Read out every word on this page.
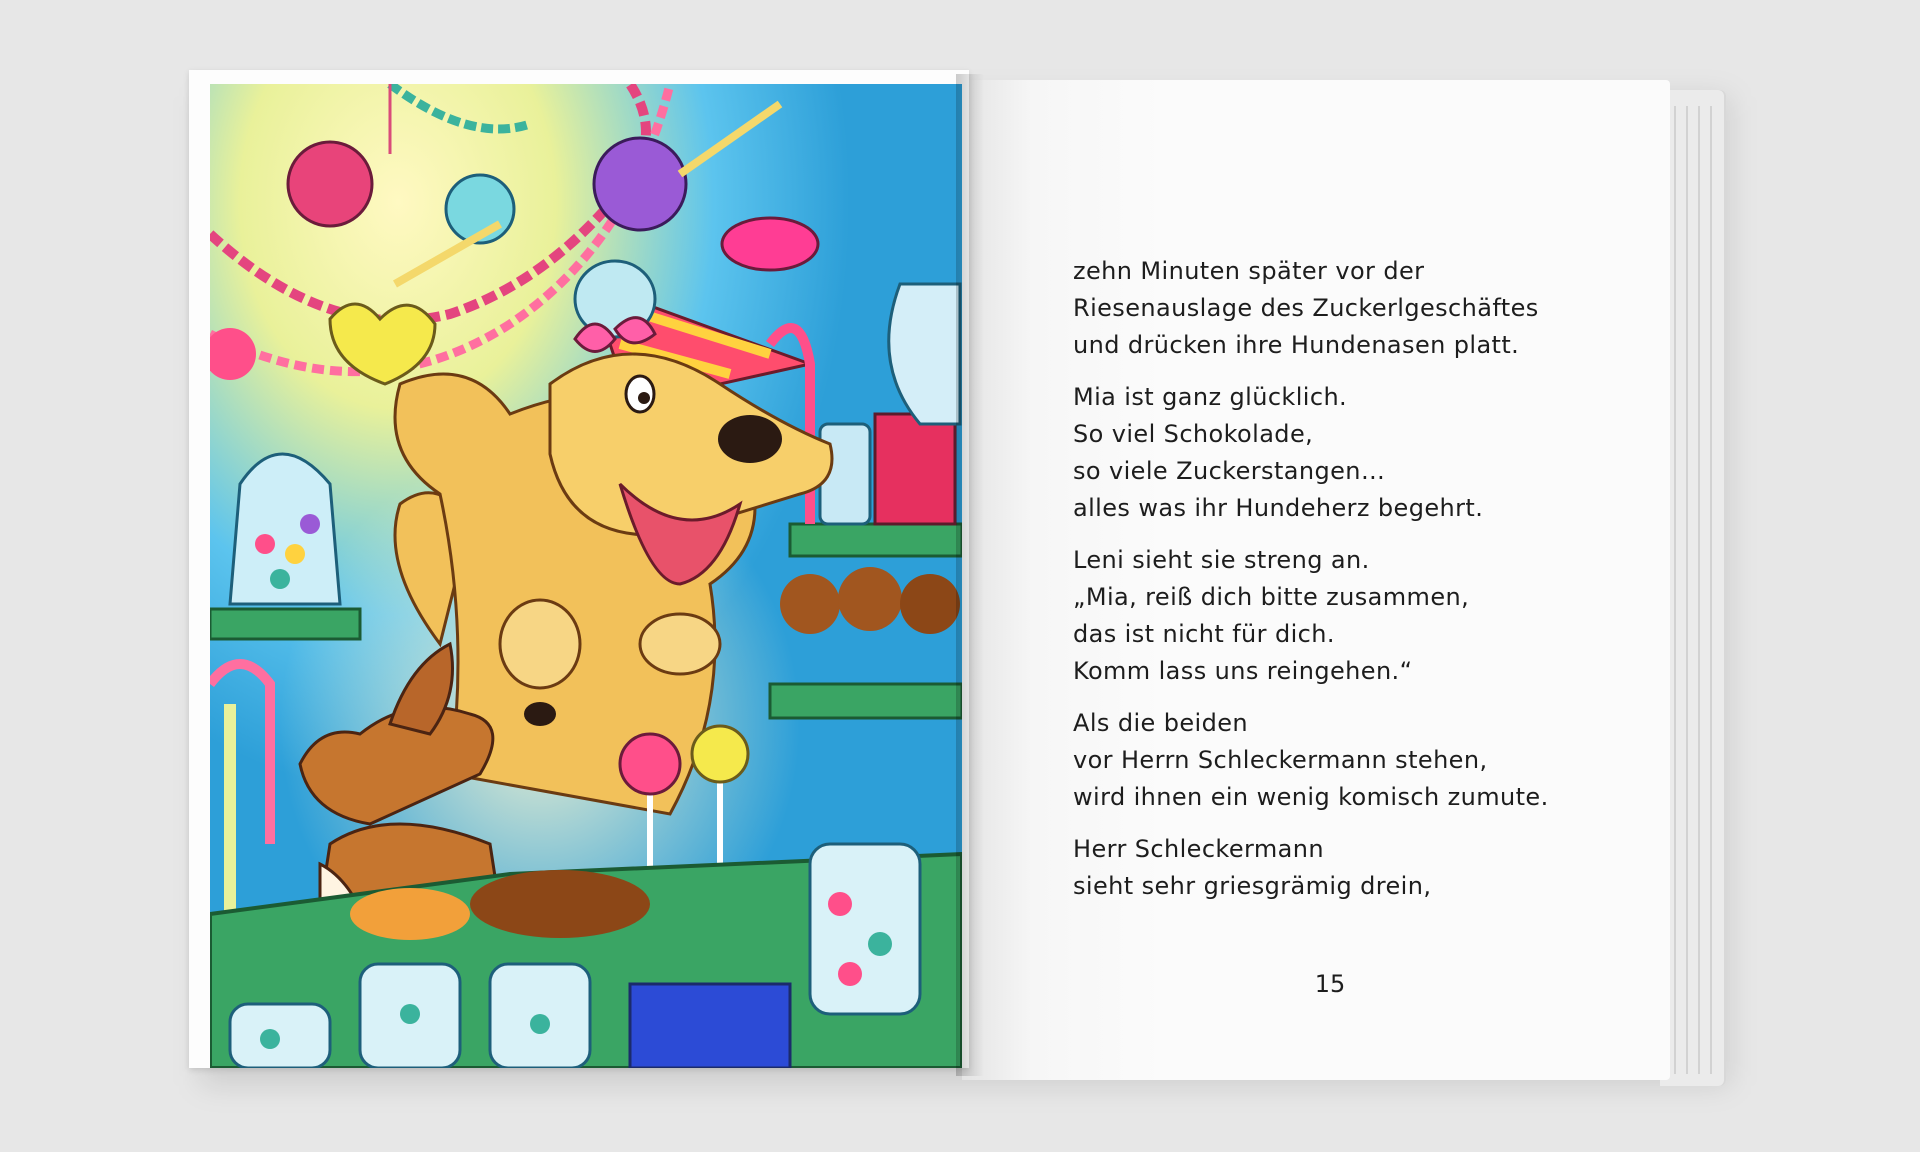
zehn Minuten später vor der
Riesenauslage des Zuckerlgeschäftes
und drücken ihre Hundenasen platt.
Mia ist ganz glücklich.
So viel Schokolade,
so viele Zuckerstangen…
alles was ihr Hundeherz begehrt.
Leni sieht sie streng an.
„Mia, reiß dich bitte zusammen,
das ist nicht für dich.
Komm lass uns reingehen.“
Als die beiden
vor Herrn Schleckermann stehen,
wird ihnen ein wenig komisch zumute.
Herr Schleckermann
sieht sehr griesgrämig drein,
15
